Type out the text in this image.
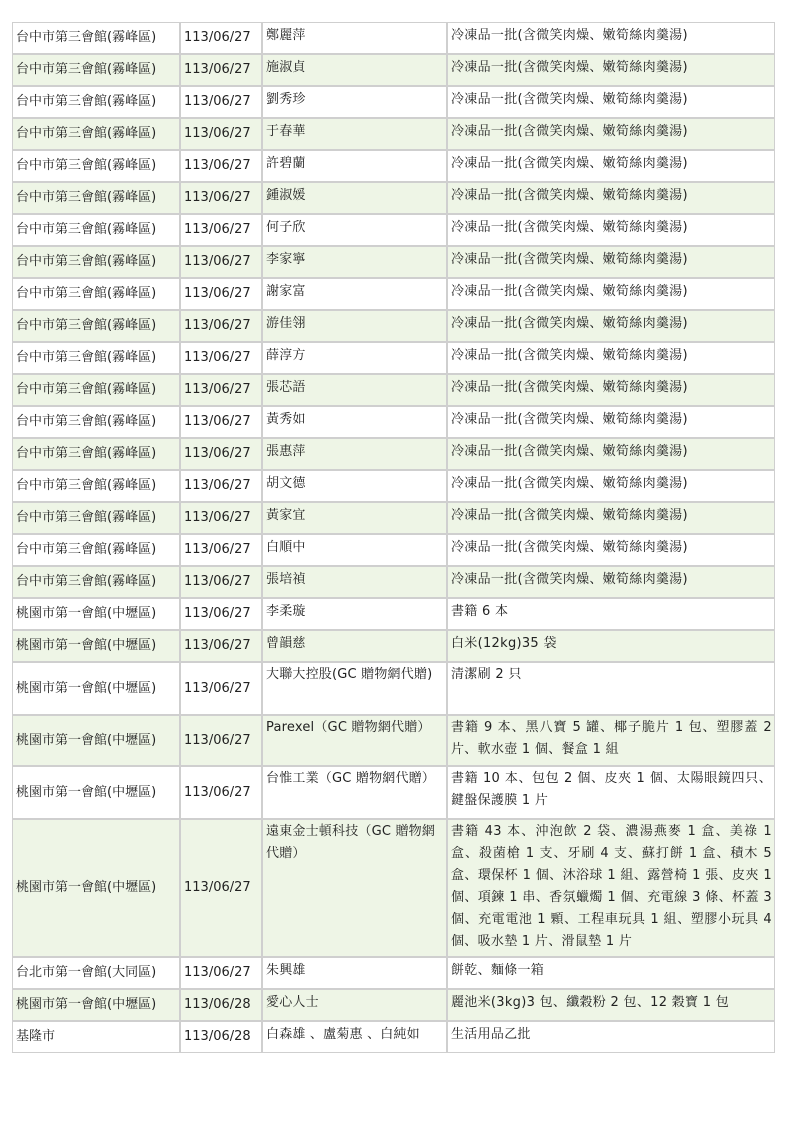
台中市第三會館(霧峰區)	113/06/27	鄭麗萍	冷凍品一批(含微笑肉燥、嫩筍絲肉羹湯)
台中市第三會館(霧峰區)	113/06/27	施淑貞	冷凍品一批(含微笑肉燥、嫩筍絲肉羹湯)
台中市第三會館(霧峰區)	113/06/27	劉秀珍	冷凍品一批(含微笑肉燥、嫩筍絲肉羹湯)
台中市第三會館(霧峰區)	113/06/27	于春華	冷凍品一批(含微笑肉燥、嫩筍絲肉羹湯)
台中市第三會館(霧峰區)	113/06/27	許碧蘭	冷凍品一批(含微笑肉燥、嫩筍絲肉羹湯)
台中市第三會館(霧峰區)	113/06/27	鍾淑媛	冷凍品一批(含微笑肉燥、嫩筍絲肉羹湯)
台中市第三會館(霧峰區)	113/06/27	何子欣	冷凍品一批(含微笑肉燥、嫩筍絲肉羹湯)
台中市第三會館(霧峰區)	113/06/27	李家寧	冷凍品一批(含微笑肉燥、嫩筍絲肉羹湯)
台中市第三會館(霧峰區)	113/06/27	謝家富	冷凍品一批(含微笑肉燥、嫩筍絲肉羹湯)
台中市第三會館(霧峰區)	113/06/27	游佳翎	冷凍品一批(含微笑肉燥、嫩筍絲肉羹湯)
台中市第三會館(霧峰區)	113/06/27	薛淳方	冷凍品一批(含微笑肉燥、嫩筍絲肉羹湯)
台中市第三會館(霧峰區)	113/06/27	張芯語	冷凍品一批(含微笑肉燥、嫩筍絲肉羹湯)
台中市第三會館(霧峰區)	113/06/27	黃秀如	冷凍品一批(含微笑肉燥、嫩筍絲肉羹湯)
台中市第三會館(霧峰區)	113/06/27	張惠萍	冷凍品一批(含微笑肉燥、嫩筍絲肉羹湯)
台中市第三會館(霧峰區)	113/06/27	胡文德	冷凍品一批(含微笑肉燥、嫩筍絲肉羹湯)
台中市第三會館(霧峰區)	113/06/27	黃家宜	冷凍品一批(含微笑肉燥、嫩筍絲肉羹湯)
台中市第三會館(霧峰區)	113/06/27	白順中	冷凍品一批(含微笑肉燥、嫩筍絲肉羹湯)
台中市第三會館(霧峰區)	113/06/27	張培禎	冷凍品一批(含微笑肉燥、嫩筍絲肉羹湯)
桃園市第一會館(中壢區)	113/06/27	李柔璇	書籍 6 本
桃園市第一會館(中壢區)	113/06/27	曾韻慈	白米(12kg)35 袋
桃園市第一會館(中壢區)	113/06/27	大聯大控股(GC 贈物網代贈)	清潔刷 2 只
桃園市第一會館(中壢區)	113/06/27	Parexel（GC 贈物網代贈）	書籍 9 本、黑八寶 5 罐、椰子脆片 1 包、塑膠蓋 2 片、軟水壺 1 個、餐盒 1 組
桃園市第一會館(中壢區)	113/06/27	台惟工業（GC 贈物網代贈）	書籍 10 本、包包 2 個、皮夾 1 個、太陽眼鏡四只、鍵盤保護膜 1 片
桃園市第一會館(中壢區)	113/06/27	遠東金士頓科技（GC 贈物網代贈）	書籍 43 本、沖泡飲 2 袋、濃湯燕麥 1 盒、美祿 1 盒、殺菌槍 1 支、牙刷 4 支、蘇打餅 1 盒、積木 5 盒、環保杯 1 個、沐浴球 1 組、露營椅 1 張、皮夾 1 個、項鍊 1 串、香氛蠟燭 1 個、充電線 3 條、杯蓋 3 個、充電電池 1 顆、工程車玩具 1 組、塑膠小玩具 4 個、吸水墊 1 片、滑鼠墊 1 片
台北市第一會館(大同區)	113/06/27	朱興雄	餅乾、麵條一箱
桃園市第一會館(中壢區)	113/06/28	愛心人士	麗池米(3kg)3 包、纖穀粉 2 包、12 穀寶 1 包
基隆市	113/06/28	白森雄 、盧菊惠 、白純如	生活用品乙批
